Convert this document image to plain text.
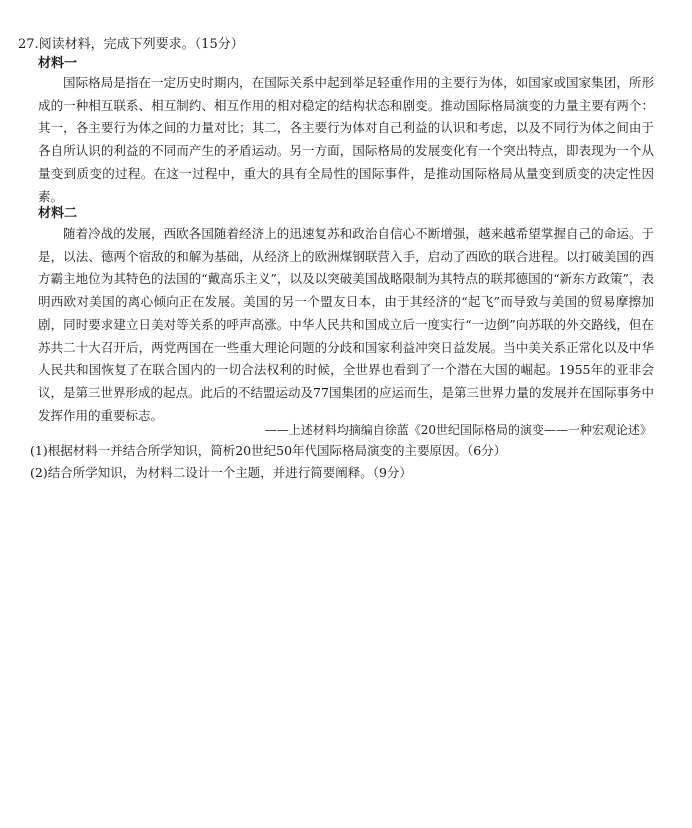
27.阅读材料，完成下列要求。（15分）
材料一

国际格局是指在一定历史时期内，在国际关系中起到举足轻重作用的主要行为体，如国家或国家集团，所形成的一种相互联系、相互制约、相互作用的相对稳定的结构状态和剧变。推动国际格局演变的力量主要有两个：其一，各主要行为体之间的力量对比；其二，各主要行为体对自己利益的认识和考虑，以及不同行为体之间由于各自所认识的利益的不同而产生的矛盾运动。另一方面，国际格局的发展变化有一个突出特点，即表现为一个从量变到质变的过程。在这一过程中，重大的具有全局性的国际事件，是推动国际格局从量变到质变的决定性因素。

材料二

随着冷战的发展，西欧各国随着经济上的迅速复苏和政治自信心不断增强，越来越希望掌握自己的命运。于是，以法、德两个宿敌的和解为基础，从经济上的欧洲煤钢联营入手，启动了西欧的联合进程。以打破美国的西方霸主地位为其特色的法国的“戴高乐主义”，以及以突破美国战略限制为其特点的联邦德国的“新东方政策”，表明西欧对美国的离心倾向正在发展。美国的另一个盟友日本，由于其经济的“起飞”而导致与美国的贸易摩擦加剧，同时要求建立日美对等关系的呼声高涨。中华人民共和国成立后一度实行“一边倒”向苏联的外交路线，但在苏共二十大召开后，两党两国在一些重大理论问题的分歧和国家利益冲突日益发展。当中美关系正常化以及中华人民共和国恢复了在联合国内的一切合法权利的时候，全世界也看到了一个潜在大国的崛起。1955年的亚非会议，是第三世界形成的起点。此后的不结盟运动及77国集团的应运而生，是第三世界力量的发展并在国际事务中发挥作用的重要标志。

——上述材料均摘编自徐蓝《20世纪国际格局的演变——一种宏观论述》
(1)根据材料一并结合所学知识，简析20世纪50年代国际格局演变的主要原因。（6分）
(2)结合所学知识，为材料二设计一个主题，并进行简要阐释。（9分）
